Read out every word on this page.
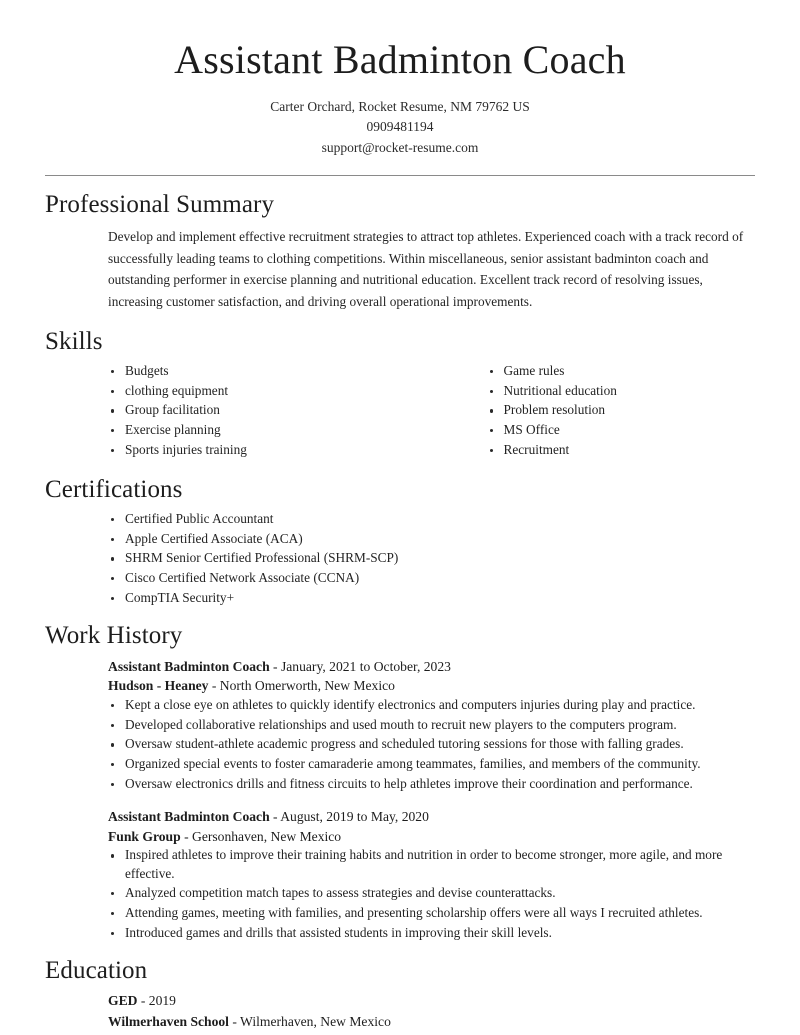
Assistant Badminton Coach
Carter Orchard, Rocket Resume, NM 79762 US
0909481194
support@rocket-resume.com
Professional Summary

Develop and implement effective recruitment strategies to attract top athletes. Experienced coach with a track record of successfully leading teams to clothing competitions. Within miscellaneous, senior assistant badminton coach and outstanding performer in exercise planning and nutritional education. Excellent track record of resolving issues, increasing customer satisfaction, and driving overall operational improvements.

Skills
Budgets
clothing equipment
Group facilitation
Exercise planning
Sports injuries training
Game rules
Nutritional education
Problem resolution
MS Office
Recruitment
Certifications
Certified Public Accountant
Apple Certified Associate (ACA)
SHRM Senior Certified Professional (SHRM-SCP)
Cisco Certified Network Associate (CCNA)
CompTIA Security+
Work History
Assistant Badminton Coach - January, 2021 to October, 2023
Hudson - Heaney - North Omerworth, New Mexico
Kept a close eye on athletes to quickly identify electronics and computers injuries during play and practice.
Developed collaborative relationships and used mouth to recruit new players to the computers program.
Oversaw student-athlete academic progress and scheduled tutoring sessions for those with falling grades.
Organized special events to foster camaraderie among teammates, families, and members of the community.
Oversaw electronics drills and fitness circuits to help athletes improve their coordination and performance.
Assistant Badminton Coach - August, 2019 to May, 2020
Funk Group - Gersonhaven, New Mexico
Inspired athletes to improve their training habits and nutrition in order to become stronger, more agile, and more effective.
Analyzed competition match tapes to assess strategies and devise counterattacks.
Attending games, meeting with families, and presenting scholarship offers were all ways I recruited athletes.
Introduced games and drills that assisted students in improving their skill levels.
Education
GED - 2019
Wilmerhaven School - Wilmerhaven, New Mexico
